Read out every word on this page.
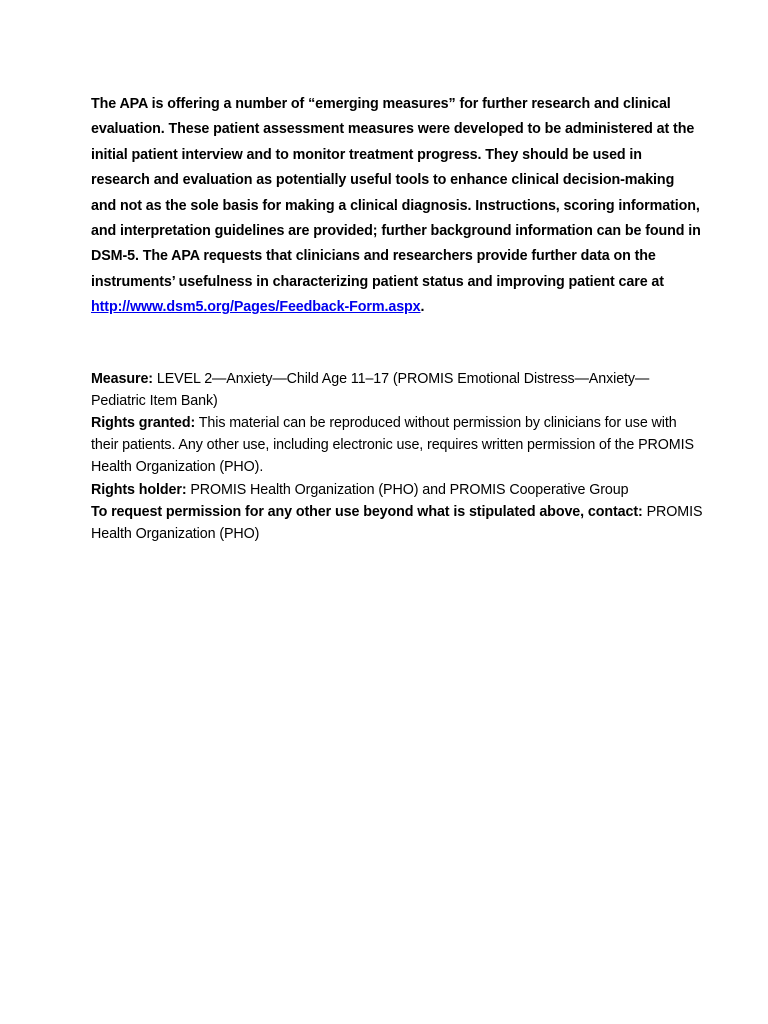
The APA is offering a number of “emerging measures” for further research and clinical evaluation. These patient assessment measures were developed to be administered at the initial patient interview and to monitor treatment progress. They should be used in research and evaluation as potentially useful tools to enhance clinical decision-making and not as the sole basis for making a clinical diagnosis. Instructions, scoring information, and interpretation guidelines are provided; further background information can be found in DSM-5. The APA requests that clinicians and researchers provide further data on the instruments’ usefulness in characterizing patient status and improving patient care at http://www.dsm5.org/Pages/Feedback-Form.aspx.

Measure: LEVEL 2—Anxiety—Child Age 11–17 (PROMIS Emotional Distress—Anxiety—Pediatric Item Bank)

Rights granted: This material can be reproduced without permission by clinicians for use with their patients. Any other use, including electronic use, requires written permission of the PROMIS Health Organization (PHO).

Rights holder: PROMIS Health Organization (PHO) and PROMIS Cooperative Group

To request permission for any other use beyond what is stipulated above, contact: PROMIS Health Organization (PHO)
